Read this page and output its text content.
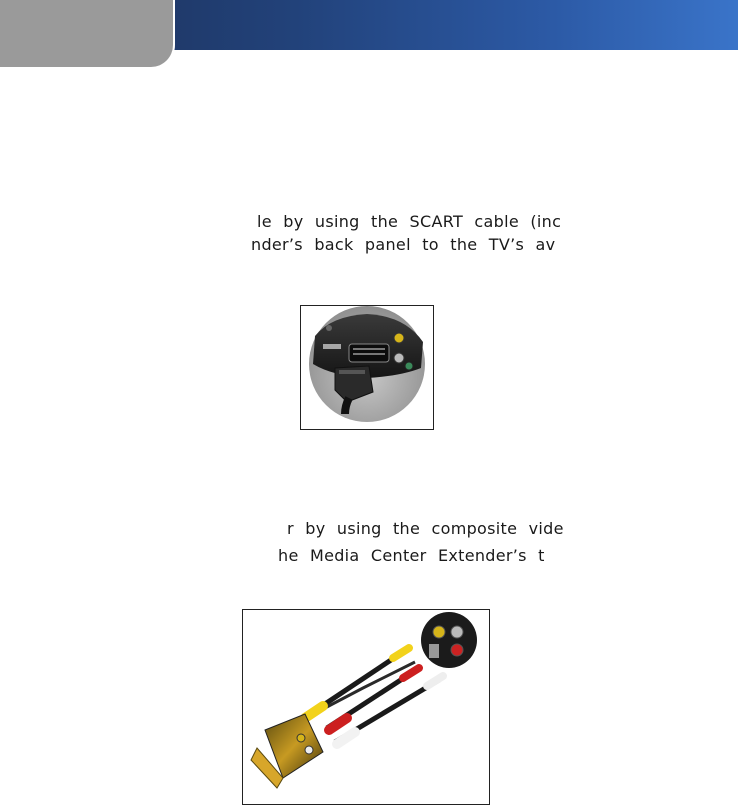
le by using the SCART cable (inc
nder’s back panel to the TV’s av
r by using the composite vide
he Media Center Extender’s t
